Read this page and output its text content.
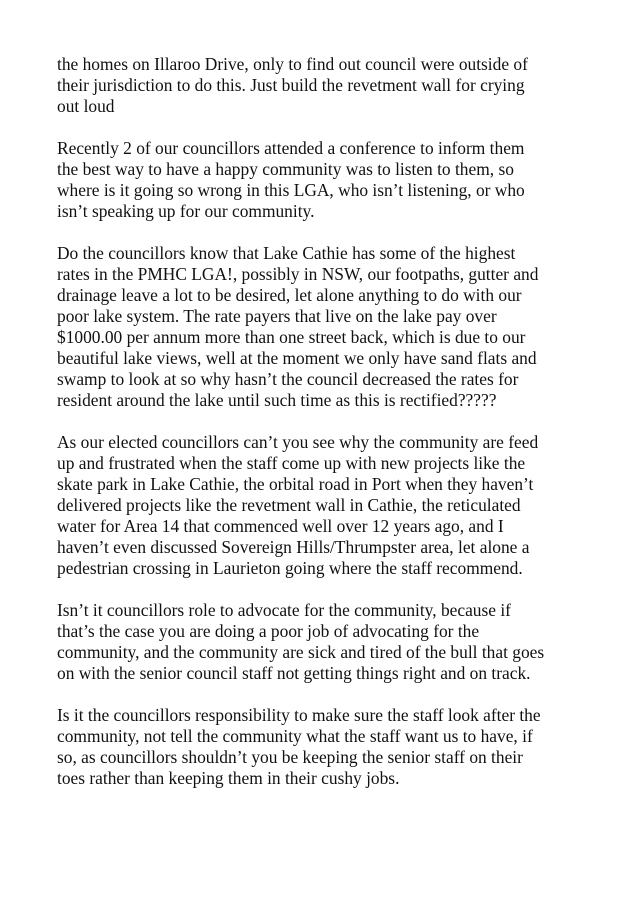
the homes on Illaroo Drive, only to find out council were outside of
their jurisdiction to do this. Just build the revetment wall for crying
out loud

Recently 2 of our councillors attended a conference to inform them
the best way to have a happy community was to listen to them, so
where is it going so wrong in this LGA, who isn’t listening, or who
isn’t speaking up for our community.

Do the councillors know that Lake Cathie has some of the highest
rates in the PMHC LGA!, possibly in NSW, our footpaths, gutter and
drainage leave a lot to be desired, let alone anything to do with our
poor lake system. The rate payers that live on the lake pay over
$1000.00 per annum more than one street back, which is due to our
beautiful lake views, well at the moment we only have sand flats and
swamp to look at so why hasn’t the council decreased the rates for
resident around the lake until such time as this is rectified?????

As our elected councillors can’t you see why the community are feed
up and frustrated when the staff come up with new projects like the
skate park in Lake Cathie, the orbital road in Port when they haven’t
delivered projects like the revetment wall in Cathie, the reticulated
water for Area 14 that commenced well over 12 years ago, and I
haven’t even discussed Sovereign Hills/Thrumpster area, let alone a
pedestrian crossing in Laurieton going where the staff recommend.

Isn’t it councillors role to advocate for the community, because if
that’s the case you are doing a poor job of advocating for the
community, and the community are sick and tired of the bull that goes
on with the senior council staff not getting things right and on track.

Is it the councillors responsibility to make sure the staff look after the
community, not tell the community what the staff want us to have, if
so, as councillors shouldn’t you be keeping the senior staff on their
toes rather than keeping them in their cushy jobs.
